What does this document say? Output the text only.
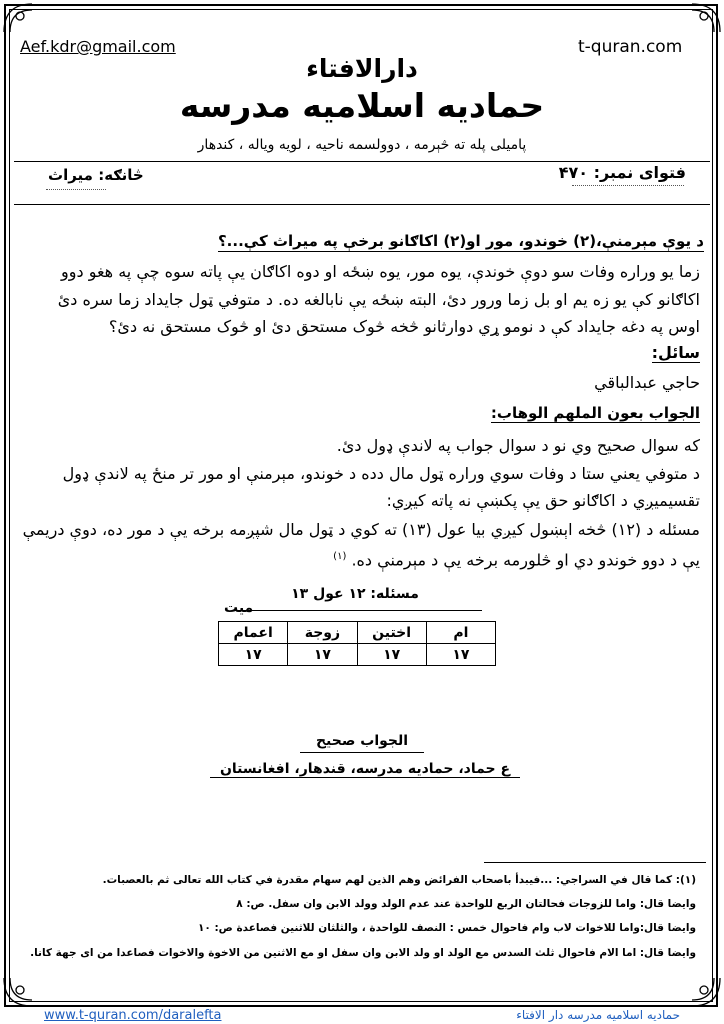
Aef.kdr@gmail.com	t-quran.com
دارالافتاء
حمادیه اسلامیه مدرسه
پامیلی پله ته څېرمه ، دوولسمه ناحیه ، لویه ویاله ، کندهار
فتوای نمبر: ۴۷۰
څانګه: میراث
د یوې مېرمنې،(۲) خوندو، مور او(۲) اکاګانو برخې په میراث کې...؟
زما یو وراره وفات سو دوې خوندې، یوه مور، یوه ښځه او دوه اکاګان یې پاته سوه چې په هغو دوو
اکاګانو کې یو زه یم او بل زما ورور دئ، البته ښځه یې نابالغه ده. د متوفي ټول جایداد زما سره دئ
اوس په دغه جایداد کې د نومو ړي دوارثانو څخه څوک مستحق دئ او څوک مستحق نه دئ؟
سائل:
حاجي عبدالباقي
الجواب بعون الملهم الوهاب:
که سوال صحیح وي نو د سوال جواب په لاندې ډول دئ.
د متوفي یعني ستا د وفات سوي وراره ټول مال دده د خوندو، مېرمنې او مور تر منځ په لاندې ډول
تقسیمیږي د اکاګانو حق یې پکښې نه پاته کیږي:
مسئله د (۱۲) څخه اېښول کیږي بیا عول (۱۳) ته کوي د ټول مال شپږمه برخه یې د مور ده، دوې دریمې
یې د دوو خوندو دي او څلورمه برخه یې د مېرمنې ده. $^{(۱)}$
مسئله: ۱۲ عول ۱۳
میت
ام	اختین	زوجة	اعمام
۱۷	۱۷	۱۷	۱۷
الجواب صحیح
ع حماد، حمادیه مدرسه، قندهار، افغانستان
(۱): کما قال في السراجي: ...فیبدأ باصحاب الفرائض وهم الذین لهم سهام مقدرة في كتاب الله تعالى ثم بالعصبات.
وایضا قال: واما للزوجات فحالتان الربع للواحدة عند عدم الولد وولد الابن وان سفل. ص: ۸
وایضا قال:واما للاخوات لاب وام فاحوال خمس : النصف للواحدة ، والثلثان للاثنين فصاعدة ص: ۱۰
وایضا قال: اما الام فاحوال ثلث السدس مع الولد او ولد الابن وان سفل او مع الاثنين من الاخوة والاخوات فصاعدا من اى جهة كانا.
www.t-quran.com/daralefta	حمادیه اسلامیه مدرسه دار الافتاء
